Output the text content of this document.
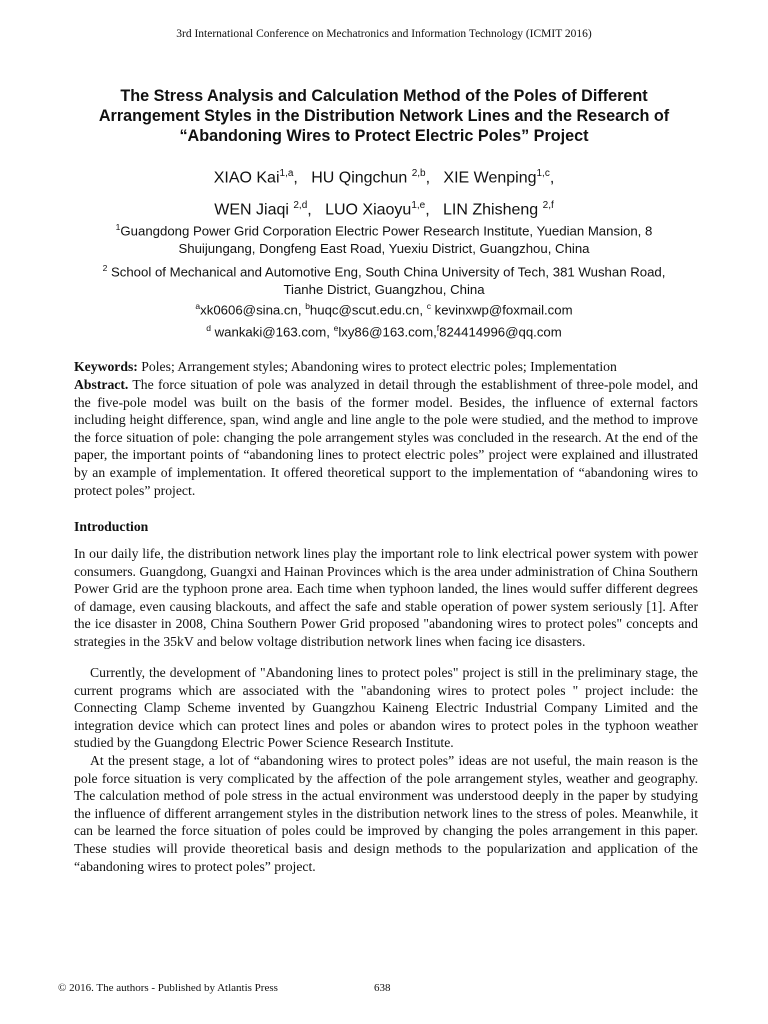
3rd International Conference on Mechatronics and Information Technology (ICMIT 2016)
The Stress Analysis and Calculation Method of the Poles of Different
Arrangement Styles in the Distribution Network Lines and the Research of
“Abandoning Wires to Protect Electric Poles” Project
XIAO Kai$^{1,a}$,   HU Qingchun $^{2,b}$,   XIE Wenping$^{1,c}$,
WEN Jiaqi $^{2,d}$,   LUO Xiaoyu$^{1,e}$,   LIN Zhisheng $^{2,f}$
$^1$Guangdong Power Grid Corporation Electric Power Research Institute, Yuedian Mansion, 8
Shuijungang, Dongfeng East Road, Yuexiu District, Guangzhou, China
$^2$ School of Mechanical and Automotive Eng, South China University of Tech, 381 Wushan Road,
Tianhe District, Guangzhou, China
$^a$xk0606@sina.cn, $^b$huqc@scut.edu.cn, $^c$ kevinxwp@foxmail.com
$^d$ wankaki@163.com, $^e$lxy86@163.com,$^f$824414996@qq.com
Keywords: Poles; Arrangement styles; Abandoning wires to protect electric poles; Implementation
Abstract. The force situation of pole was analyzed in detail through the establishment of three-pole model, and the five-pole model was built on the basis of the former model. Besides, the influence of external factors including height difference, span, wind angle and line angle to the pole were studied, and the method to improve the force situation of pole: changing the pole arrangement styles was concluded in the research. At the end of the paper, the important points of “abandoning lines to protect electric poles” project were explained and illustrated by an example of implementation. It offered theoretical support to the implementation of “abandoning wires to protect poles” project.
Introduction
In our daily life, the distribution network lines play the important role to link electrical power system with power consumers. Guangdong, Guangxi and Hainan Provinces which is the area under administration of China Southern Power Grid are the typhoon prone area. Each time when typhoon landed, the lines would suffer different degrees of damage, even causing blackouts, and affect the safe and stable operation of power system seriously [1]. After the ice disaster in 2008, China Southern Power Grid proposed "abandoning wires to protect poles" concepts and strategies in the 35kV and below voltage distribution network lines when facing ice disasters.
Currently, the development of "Abandoning lines to protect poles" project is still in the preliminary stage, the current programs which are associated with the "abandoning wires to protect poles " project include: the Connecting Clamp Scheme invented by Guangzhou Kaineng Electric Industrial Company Limited and the integration device which can protect lines and poles or abandon wires to protect poles in the typhoon weather studied by the Guangdong Electric Power Science Research Institute.
At the present stage, a lot of “abandoning wires to protect poles” ideas are not useful, the main reason is the pole force situation is very complicated by the affection of the pole arrangement styles, weather and geography. The calculation method of pole stress in the actual environment was understood deeply in the paper by studying the influence of different arrangement styles in the distribution network lines to the stress of poles. Meanwhile, it can be learned the force situation of poles could be improved by changing the poles arrangement in this paper. These studies will provide theoretical basis and design methods to the popularization and application of the “abandoning wires to protect poles” project.
© 2016. The authors - Published by Atlantis Press	638
